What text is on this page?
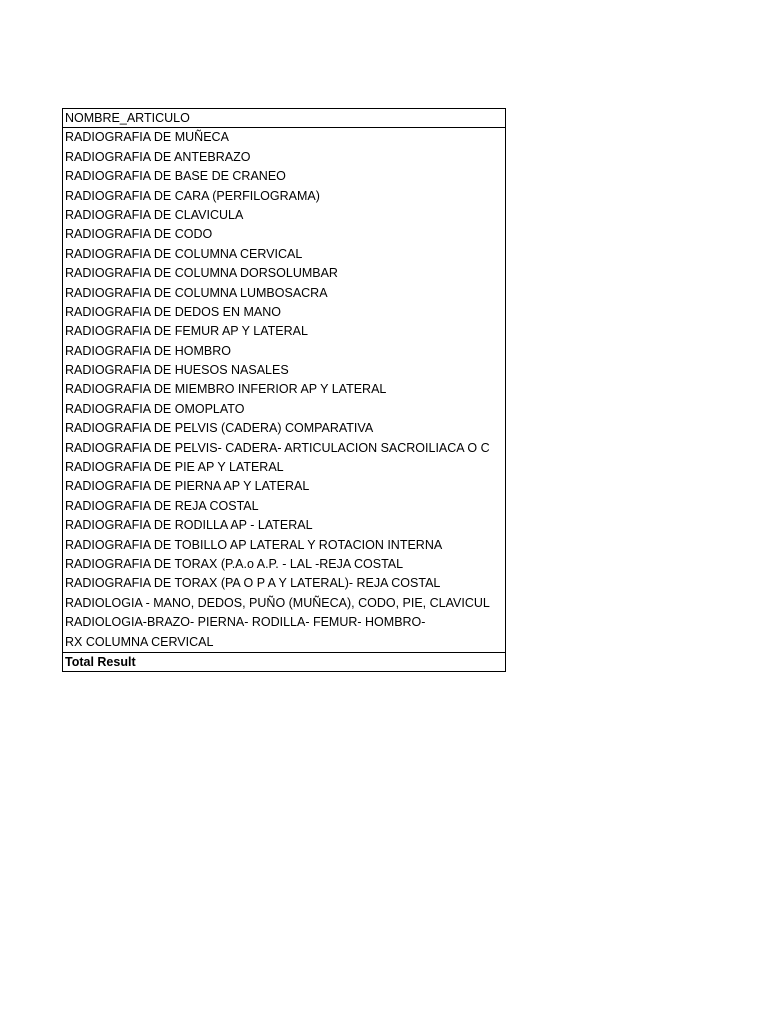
NOMBRE_ARTICULO
RADIOGRAFIA DE MUÑECA
RADIOGRAFIA DE ANTEBRAZO
RADIOGRAFIA DE BASE DE CRANEO
RADIOGRAFIA DE CARA (PERFILOGRAMA)
RADIOGRAFIA DE CLAVICULA
RADIOGRAFIA DE CODO
RADIOGRAFIA DE COLUMNA CERVICAL
RADIOGRAFIA DE COLUMNA DORSOLUMBAR
RADIOGRAFIA DE COLUMNA LUMBOSACRA
RADIOGRAFIA DE DEDOS EN MANO
RADIOGRAFIA DE FEMUR AP Y LATERAL
RADIOGRAFIA DE HOMBRO
RADIOGRAFIA DE HUESOS NASALES
RADIOGRAFIA DE MIEMBRO INFERIOR AP Y LATERAL
RADIOGRAFIA DE OMOPLATO
RADIOGRAFIA DE PELVIS (CADERA) COMPARATIVA
RADIOGRAFIA DE PELVIS- CADERA- ARTICULACION SACROILIACA O C
RADIOGRAFIA DE PIE AP Y LATERAL
RADIOGRAFIA DE PIERNA AP Y LATERAL
RADIOGRAFIA DE REJA COSTAL
RADIOGRAFIA DE RODILLA AP - LATERAL
RADIOGRAFIA DE TOBILLO AP LATERAL Y ROTACION INTERNA
RADIOGRAFIA DE TORAX (P.A.o A.P. - LAL -REJA COSTAL
RADIOGRAFIA DE TORAX (PA O P A Y LATERAL)- REJA COSTAL
RADIOLOGIA - MANO, DEDOS, PUÑO (MUÑECA), CODO, PIE, CLAVICUL
RADIOLOGIA-BRAZO- PIERNA- RODILLA- FEMUR- HOMBRO-
RX COLUMNA CERVICAL
Total Result
